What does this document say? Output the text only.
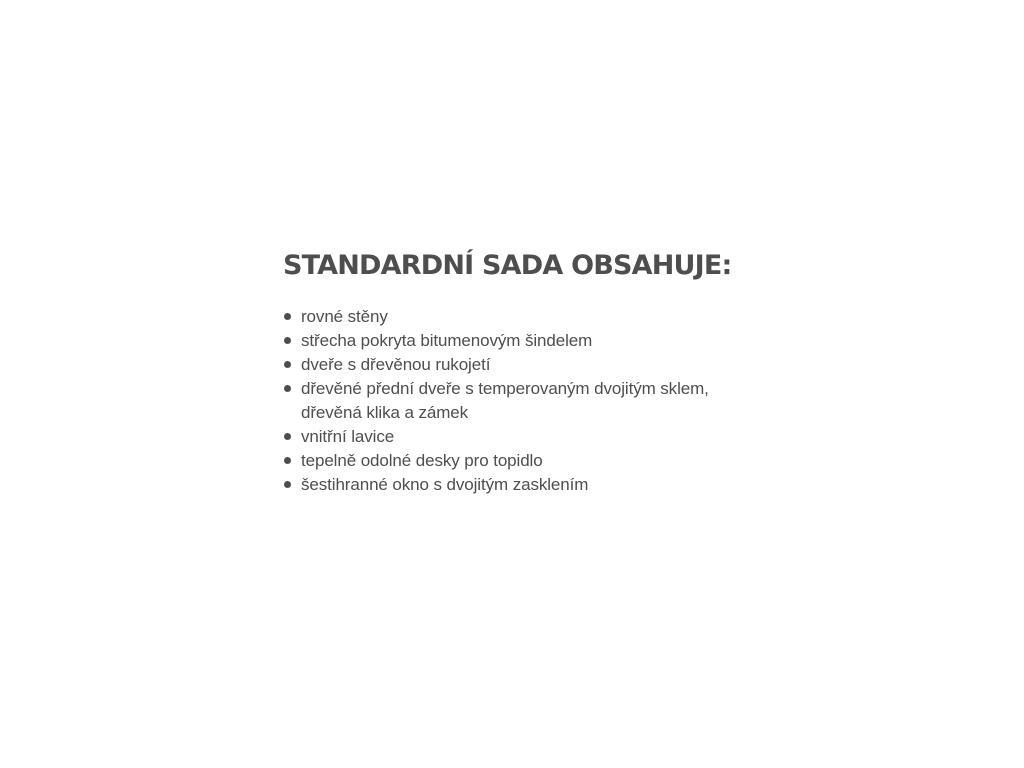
STANDARDNÍ SADA OBSAHUJE:
rovné stěny
střecha pokryta bitumenovým šindelem
dveře s dřevěnou rukojetí
dřevěné přední dveře s temperovaným dvojitým sklem,
dřevěná klika a zámek
vnitřní lavice
tepelně odolné desky pro topidlo
šestihranné okno s dvojitým zasklením
